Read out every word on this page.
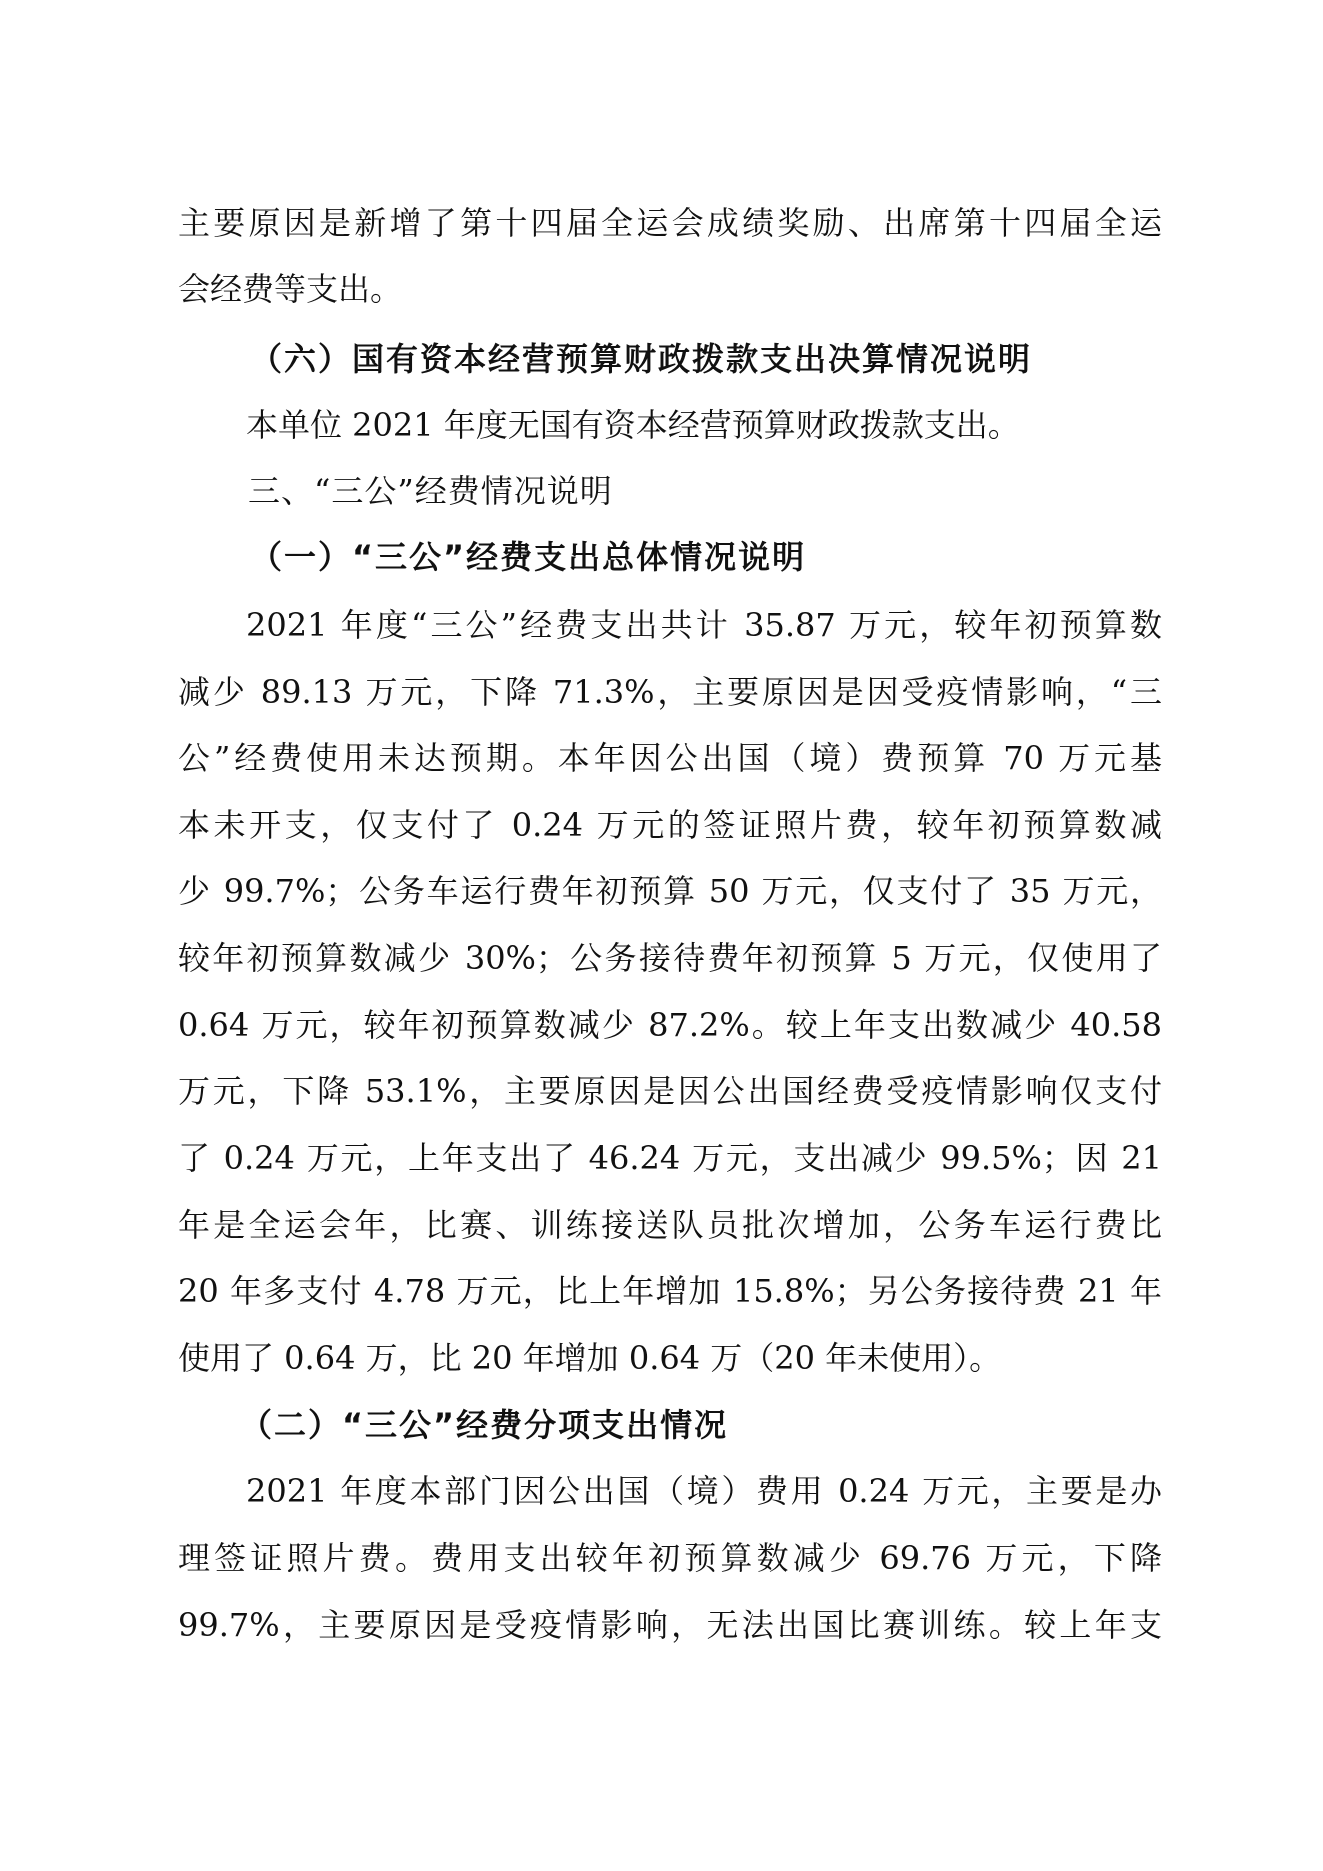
主要原因是新增了第十四届全运会成绩奖励、出席第十四届全运
会经费等支出。
（六）国有资本经营预算财政拨款支出决算情况说明
本单位 2021 年度无国有资本经营预算财政拨款支出。
三、“三公”经费情况说明
（一）“三公”经费支出总体情况说明
2021 年度“三公”经费支出共计 35.87 万元，较年初预算数
减少 89.13 万元，下降 71.3%，主要原因是因受疫情影响，“三
公”经费使用未达预期。本年因公出国（境）费预算 70 万元基
本未开支，仅支付了 0.24 万元的签证照片费，较年初预算数减
少 99.7%；公务车运行费年初预算 50 万元，仅支付了 35 万元，
较年初预算数减少 30%；公务接待费年初预算 5 万元，仅使用了
0.64 万元，较年初预算数减少 87.2%。较上年支出数减少 40.58
万元，下降 53.1%，主要原因是因公出国经费受疫情影响仅支付
了 0.24 万元，上年支出了 46.24 万元，支出减少 99.5%；因 21
年是全运会年，比赛、训练接送队员批次增加，公务车运行费比
20 年多支付 4.78 万元，比上年增加 15.8%；另公务接待费 21 年
使用了 0.64 万，比 20 年增加 0.64 万（20 年未使用）。
（二）“三公”经费分项支出情况
2021 年度本部门因公出国（境）费用 0.24 万元，主要是办
理签证照片费。费用支出较年初预算数减少 69.76 万元，下降
99.7%，主要原因是受疫情影响，无法出国比赛训练。较上年支
